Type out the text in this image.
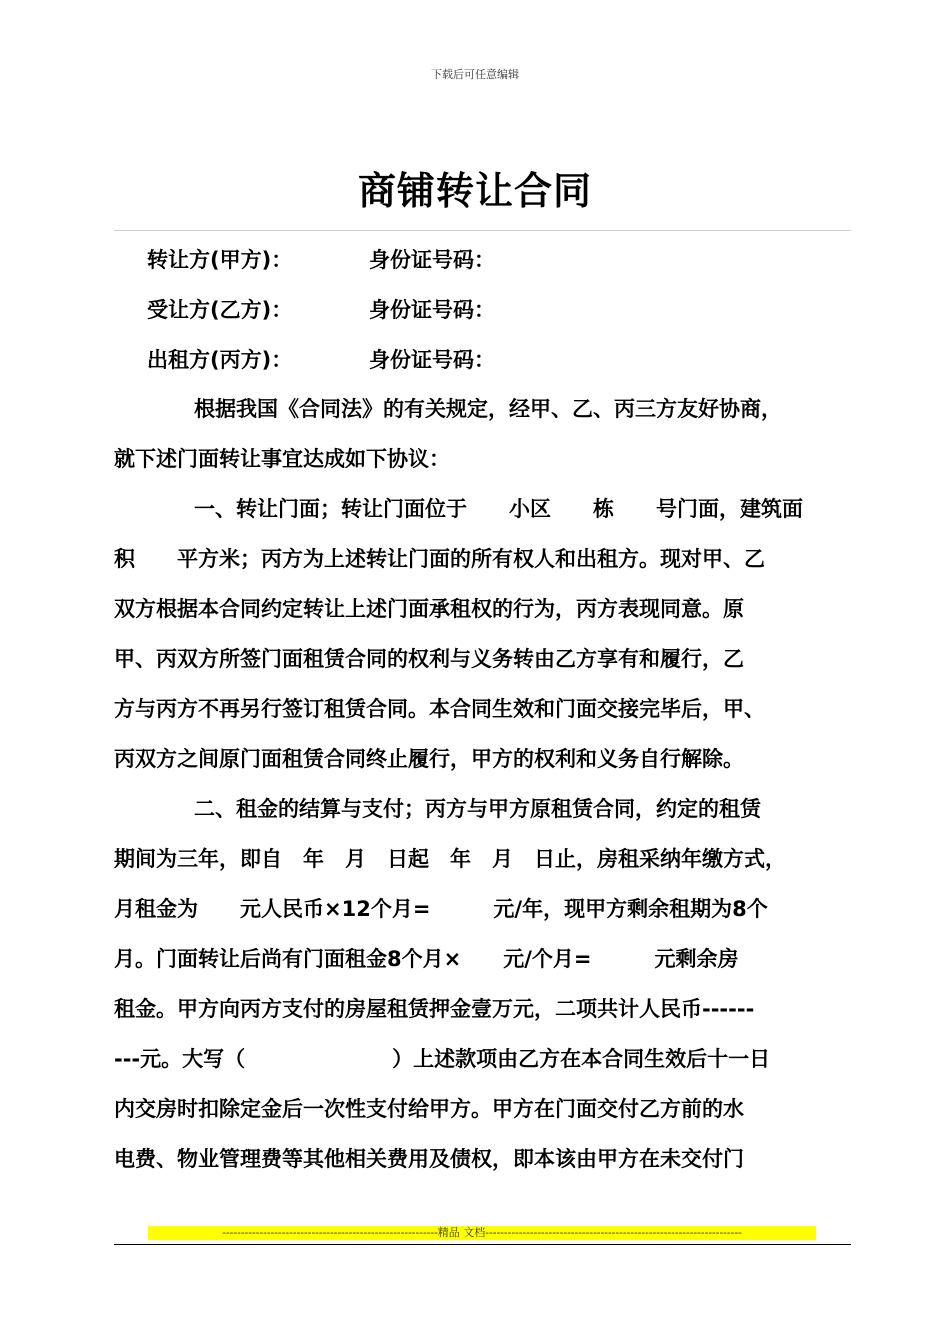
下载后可任意编辑
商铺转让合同
转让方(甲方)：	身份证号码：
受让方(乙方)：	身份证号码：
出租方(丙方)：	身份证号码：
根据我国《合同法》的有关规定，经甲、乙、丙三方友好协商，
就下述门面转让事宜达成如下协议：
一、转让门面；转让门面位于　　小区　　栋　　号门面，建筑面
积　　平方米；丙方为上述转让门面的所有权人和出租方。现对甲、乙
双方根据本合同约定转让上述门面承租权的行为，丙方表现同意。原
甲、丙双方所签门面租赁合同的权利与义务转由乙方享有和履行，乙
方与丙方不再另行签订租赁合同。本合同生效和门面交接完毕后，甲、
丙双方之间原门面租赁合同终止履行，甲方的权利和义务自行解除。
二、租金的结算与支付；丙方与甲方原租赁合同，约定的租赁
期间为三年，即自　年　月　日起　年　月　日止，房租采纳年缴方式，
月租金为　　元人民币×12个月=　　　元/年，现甲方剩余租期为8个
月。门面转让后尚有门面租金8个月×　　元/个月=　　　元剩余房
租金。甲方向丙方支付的房屋租赁押金壹万元，二项共计人民币------
---元。大写（　　　　　　　）上述款项由乙方在本合同生效后十一日
内交房时扣除定金后一次性支付给甲方。甲方在门面交付乙方前的水
电费、物业管理费等其他相关费用及债权，即本该由甲方在未交付门
----------------------------------------------------------精品 文档---------------------------------------------------------------------
